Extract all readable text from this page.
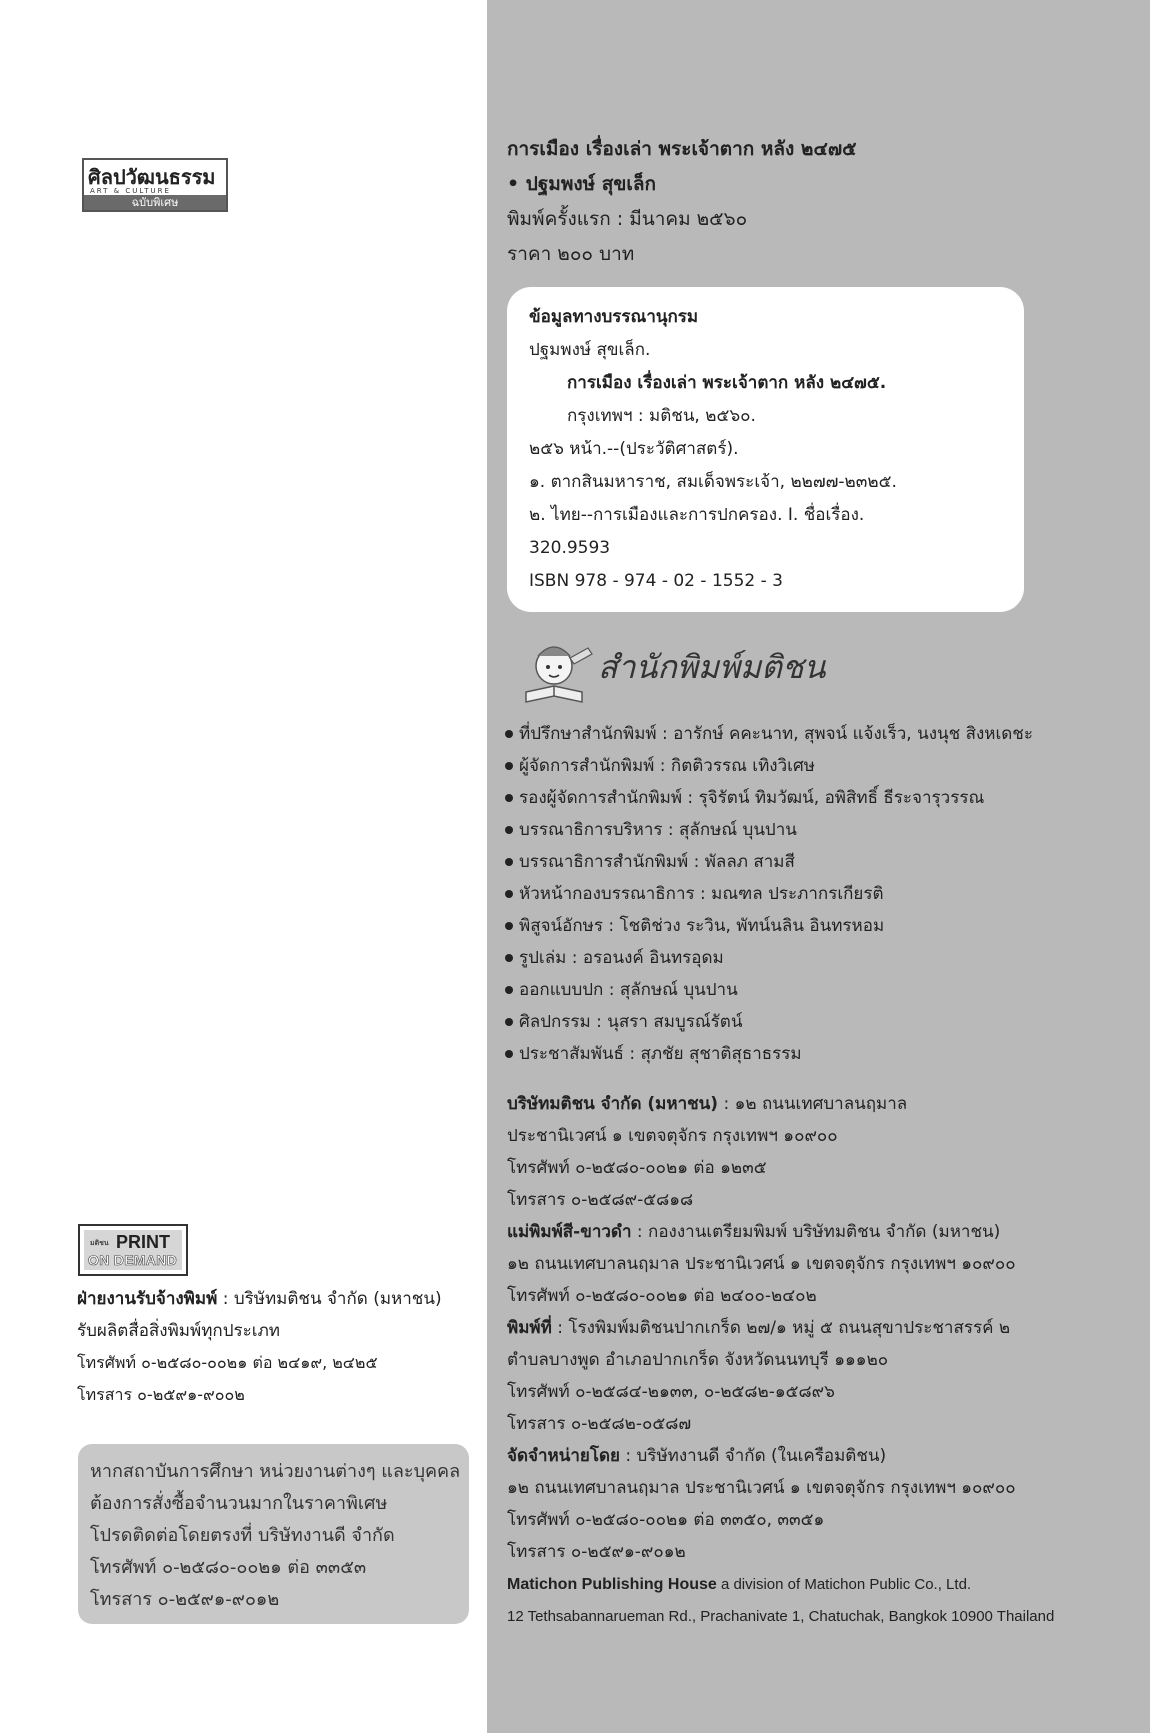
ศิลปวัฒนธรรม
ART & CULTURE
ฉบับพิเศษ
มติชน PRINT
ON DEMAND
ฝ่ายงานรับจ้างพิมพ์ : บริษัทมติชน จำกัด (มหาชน)
รับผลิตสื่อสิ่งพิมพ์ทุกประเภท
โทรศัพท์ ๐-๒๕๘๐-๐๐๒๑ ต่อ ๒๔๑๙, ๒๔๒๕
โทรสาร ๐-๒๕๙๑-๙๐๐๒
หากสถาบันการศึกษา หน่วยงานต่างๆ และบุคคล
ต้องการสั่งซื้อจำนวนมากในราคาพิเศษ
โปรดติดต่อโดยตรงที่ บริษัทงานดี จำกัด
โทรศัพท์ ๐-๒๕๘๐-๐๐๒๑ ต่อ ๓๓๕๓
โทรสาร ๐-๒๕๙๑-๙๐๑๒
การเมือง เรื่องเล่า พระเจ้าตาก หลัง ๒๔๗๕
• ปฐมพงษ์ สุขเล็ก
พิมพ์ครั้งแรก : มีนาคม ๒๕๖๐
ราคา ๒๐๐ บาท
ข้อมูลทางบรรณานุกรม
ปฐมพงษ์ สุขเล็ก.
การเมือง เรื่องเล่า พระเจ้าตาก หลัง ๒๔๗๕.
กรุงเทพฯ : มติชน, ๒๕๖๐.
๒๕๖ หน้า.--(ประวัติศาสตร์).
๑. ตากสินมหาราช, สมเด็จพระเจ้า, ๒๒๗๗-๒๓๒๕.
๒. ไทย--การเมืองและการปกครอง. I. ชื่อเรื่อง.
320.9593
ISBN 978 - 974 - 02 - 1552 - 3
สำนักพิมพ์มติชน
ที่ปรึกษาสำนักพิมพ์ : อารักษ์ คคะนาท, สุพจน์ แจ้งเร็ว, นงนุช สิงหเดชะ
ผู้จัดการสำนักพิมพ์ : กิตติวรรณ เทิงวิเศษ
รองผู้จัดการสำนักพิมพ์ : รุจิรัตน์ ทิมวัฒน์, อพิสิทธิ์ ธีระจารุวรรณ
บรรณาธิการบริหาร : สุลักษณ์ บุนปาน
บรรณาธิการสำนักพิมพ์ : พัลลภ สามสี
หัวหน้ากองบรรณาธิการ : มณฑล ประภากรเกียรติ
พิสูจน์อักษร : โชติช่วง ระวิน, พัทน์นลิน อินทรหอม
รูปเล่ม : อรอนงค์ อินทรอุดม
ออกแบบปก : สุลักษณ์ บุนปาน
ศิลปกรรม : นุสรา สมบูรณ์รัตน์
ประชาสัมพันธ์ : สุภชัย สุชาติสุธาธรรม
บริษัทมติชน จำกัด (มหาชน) : ๑๒ ถนนเทศบาลนฤมาล
ประชานิเวศน์ ๑ เขตจตุจักร กรุงเทพฯ ๑๐๙๐๐
โทรศัพท์ ๐-๒๕๘๐-๐๐๒๑ ต่อ ๑๒๓๕
โทรสาร ๐-๒๕๘๙-๕๘๑๘
แม่พิมพ์สี-ขาวดำ : กองงานเตรียมพิมพ์ บริษัทมติชน จำกัด (มหาชน)
๑๒ ถนนเทศบาลนฤมาล ประชานิเวศน์ ๑ เขตจตุจักร กรุงเทพฯ ๑๐๙๐๐
โทรศัพท์ ๐-๒๕๘๐-๐๐๒๑ ต่อ ๒๔๐๐-๒๔๐๒
พิมพ์ที่ : โรงพิมพ์มติชนปากเกร็ด ๒๗/๑ หมู่ ๕ ถนนสุขาประชาสรรค์ ๒
ตำบลบางพูด อำเภอปากเกร็ด จังหวัดนนทบุรี ๑๑๑๒๐
โทรศัพท์ ๐-๒๕๘๔-๒๑๓๓, ๐-๒๕๘๒-๑๕๘๙๖
โทรสาร ๐-๒๕๘๒-๐๕๘๗
จัดจำหน่ายโดย : บริษัทงานดี จำกัด (ในเครือมติชน)
๑๒ ถนนเทศบาลนฤมาล ประชานิเวศน์ ๑ เขตจตุจักร กรุงเทพฯ ๑๐๙๐๐
โทรศัพท์ ๐-๒๕๘๐-๐๐๒๑ ต่อ ๓๓๕๐, ๓๓๕๑
โทรสาร ๐-๒๕๙๑-๙๐๑๒
Matichon Publishing House a division of Matichon Public Co., Ltd.
12 Tethsabannarueman Rd., Prachanivate 1, Chatuchak, Bangkok 10900 Thailand
